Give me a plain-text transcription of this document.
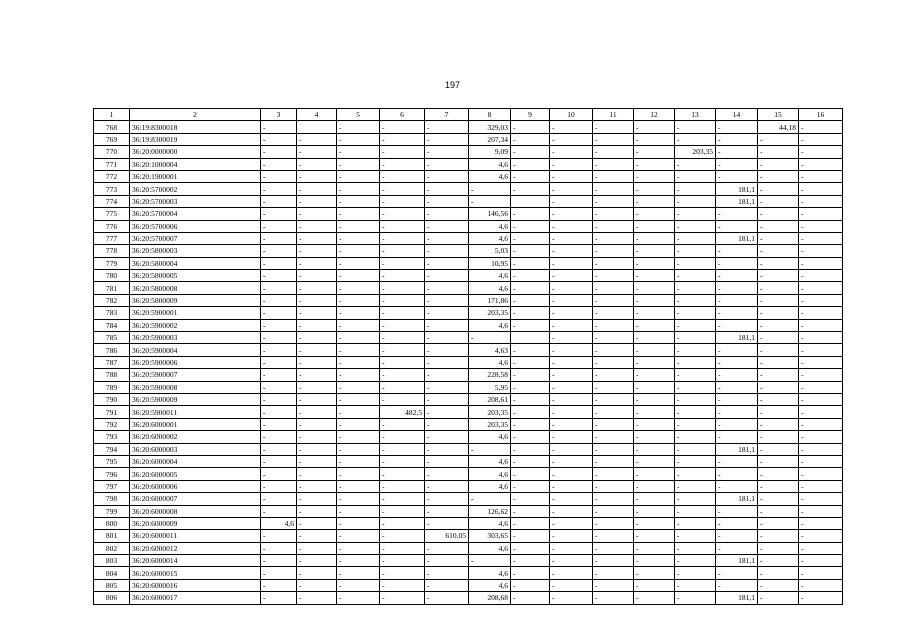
197
1	2	3	4	5	6	7	8	9	10	11	12	13	14	15	16
768	36:19:8300018	-		-	-	-	329,03	-	-	-	-	-	-	44,18	-
769	36:19:8300019	-	-	-	-	-	207,34	-	-	-	-	-	-	-	-
770	36:20:0000000	-	-	-	-	-	9,09	-	-	-	-	203,35	-	-	-
771	36:20:1000004	-	-	-	-	-	4,6	-	-	-	-	-	-	-	-
772	36:20:1900001	-	-	-	-	-	4,6	-	-	-	-	-	-	-	-
773	36:20:5700002	-	-	-	-	-	-	-	-	-	-	-	181,1	-	-
774	36:20:5700003	-	-	-	-	-	-		-	-	-	-	181,1	-	-
775	36:20:5700004	-	-	-	-	-	146,56	-	-	-	-	-	-	-	-
776	36:20:5700006	-	-	-	-	-	4,6	-	-	-	-	-	-	-	-
777	36:20:5700007	-	-	-	-	-	4,6	-	-	-	-	-	181,1	-	-
778	36:20:5800003	-	-	-	-	-	5,03	-	-	-	-	-	-	-	-
779	36:20:5800004	-	-	-	-	-	10,95	-	-	-	-	-	-	-	-
780	36:20:5800005	-	-	-	-	-	4,6	-	-	-	-	-	-	-	-
781	36:20:5800008	-	-	-	-	-	4,6	-	-	-	-	-	-	-	-
782	36:20:5800009	-	-	-	-	-	171,86	-	-	-	-	-	-	-	-
783	36:20:5900001	-	-	-	-	-	203,35	-	-	-	-	-	-	-	-
784	36:20:5900002	-	-	-	-	-	4,6	-	-	-	-	-	-	-	-
785	36:20:5900003	-	-	-	-	-	-		-	-	-	-	181,1	-	-
786	36:20:5900004	-	-	-	-	-	4,63	-	-	-	-	-	-	-	-
787	36:20:5900006	-	-	-	-	-	4,6	-	-	-	-	-	-	-	-
788	36:20:5900007	-	-	-	-	-	228,58	-	-	-	-	-	-	-	-
789	36:20:5900008	-	-	-	-	-	5,95	-	-	-	-	-	-	-	-
790	36:20:5900009	-	-	-	-	-	208,61	-	-	-	-	-	-	-	-
791	36:20:5900011	-	-	-	482,5	-	203,35	-	-	-	-	-	-	-	-
792	36:20:6000001	-	-	-	-	-	203,35	-	-	-	-	-	-	-	-
793	36:20:6000002	-	-	-	-	-	4,6	-	-	-	-	-	-	-	-
794	36:20:6000003	-	-	-	-	-	-	-	-	-	-	-	181,1	-	-
795	36:20:6000004	-	-	-	-	-	4,6	-	-	-	-	-	-	-	-
796	36:20:6000005	-	-	-	-	-	4,6	-	-	-	-	-	-	-	-
797	36:20:6000006	-	-	-	-	-	4,6	-	-	-	-	-	-	-	-
798	36:20:6000007	-	-	-	-	-	-	-	-	-	-	-	181,1	-	-
799	36:20:6000008	-	-	-	-	-	126,62	-	-	-	-	-	-	-	-
800	36:20:6000009	4,6	-	-	-	-	4,6	-	-	-	-	-	-	-	-
801	36:20:6000011	-	-	-	-	610,05	303,65	-	-	-	-	-	-	-	-
802	36:20:6000012	-	-	-	-	-	4,6	-	-	-	-	-	-	-	-
803	36:20:6000014	-	-	-	-	-	-	-	-	-	-	-	181,1	-	-
804	36:20:6000015	-	-	-	-	-	4,6	-	-	-	-	-	-	-	-
805	36:20:6000016	-	-	-	-	-	4,6	-	-	-	-	-	-	-	-
806	36:20:6000017	-	-	-	-	-	208,68	-	-	-	-	-	181,1	-	-
